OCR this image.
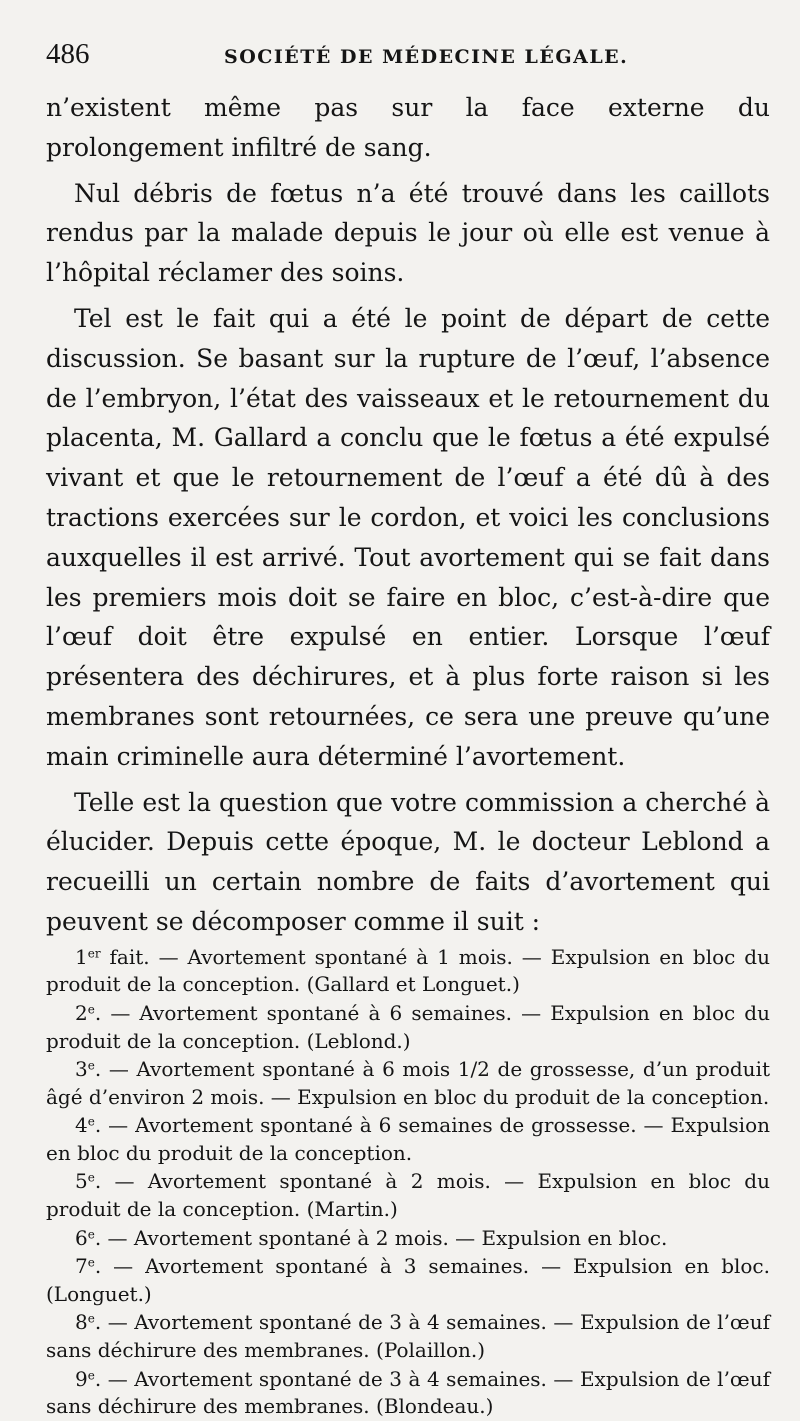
486	SOCIÉTÉ DE MÉDECINE LÉGALE.

n’existent même pas sur la face externe du prolongement infiltré de sang.

Nul débris de fœtus n’a été trouvé dans les caillots rendus par la malade depuis le jour où elle est venue à l’hôpital réclamer des soins.

Tel est le fait qui a été le point de départ de cette discussion. Se basant sur la rupture de l’œuf, l’absence de l’embryon, l’état des vaisseaux et le retournement du placenta, M. Gallard a conclu que le fœtus a été expulsé vivant et que le retournement de l’œuf a été dû à des tractions exercées sur le cordon, et voici les conclusions auxquelles il est arrivé. Tout avortement qui se fait dans les premiers mois doit se faire en bloc, c’est-à-dire que l’œuf doit être expulsé en entier. Lorsque l’œuf présentera des déchirures, et à plus forte raison si les membranes sont retournées, ce sera une preuve qu’une main criminelle aura déterminé l’avortement.

Telle est la question que votre commission a cherché à élucider. Depuis cette époque, M. le docteur Leblond a recueilli un certain nombre de faits d’avortement qui peuvent se décomposer comme il suit :

1er fait. — Avortement spontané à 1 mois. — Expulsion en bloc du produit de la conception. (Gallard et Longuet.)

2e. — Avortement spontané à 6 semaines. — Expulsion en bloc du produit de la conception. (Leblond.)

3e. — Avortement spontané à 6 mois 1/2 de grossesse, d’un produit âgé d’environ 2 mois. — Expulsion en bloc du produit de la conception.

4e. — Avortement spontané à 6 semaines de grossesse. — Expulsion en bloc du produit de la conception.

5e. — Avortement spontané à 2 mois. — Expulsion en bloc du produit de la conception. (Martin.)

6e. — Avortement spontané à 2 mois. — Expulsion en bloc.

7e. — Avortement spontané à 3 semaines. — Expulsion en bloc. (Longuet.)

8e. — Avortement spontané de 3 à 4 semaines. — Expulsion de l’œuf sans déchirure des membranes. (Polaillon.)

9e. — Avortement spontané de 3 à 4 semaines. — Expulsion de l’œuf sans déchirure des membranes. (Blondeau.)
